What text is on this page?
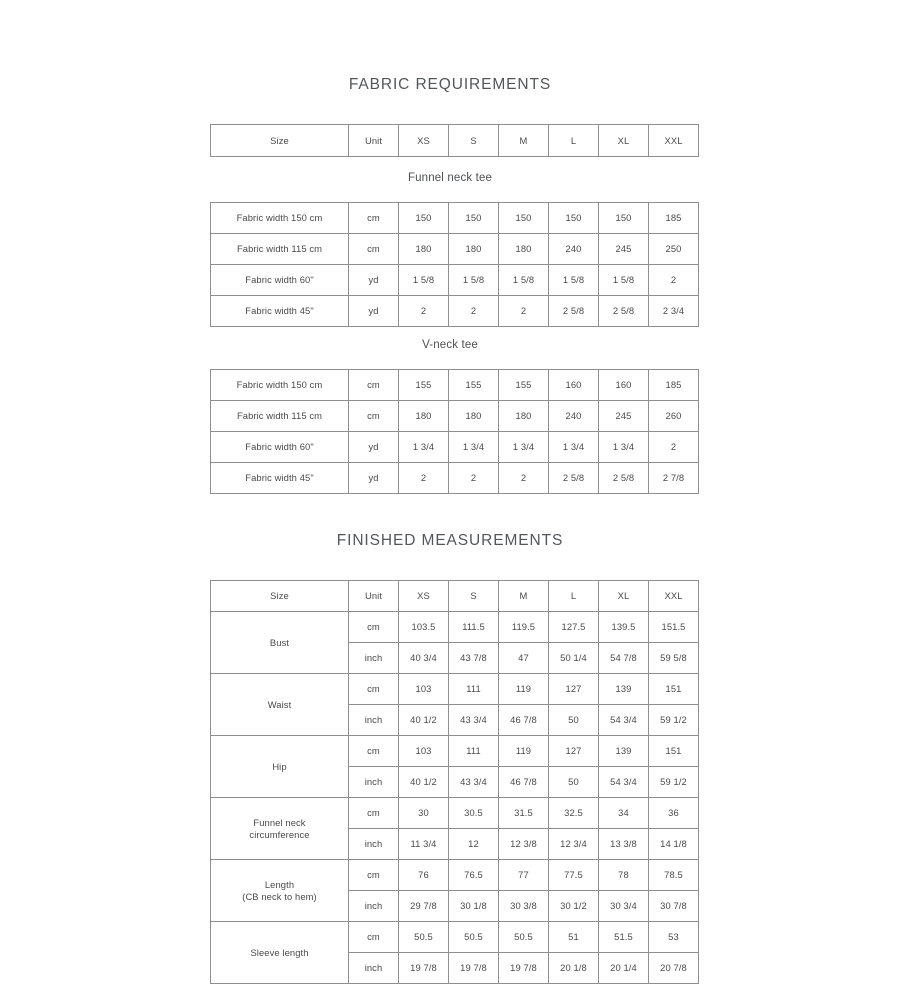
FABRIC REQUIREMENTS
Size	Unit	XS	S	M	L	XL	XXL
Funnel neck tee
Fabric width 150 cm	cm	150	150	150	150	150	185
Fabric width 115 cm	cm	180	180	180	240	245	250
Fabric width 60"	yd	1 5/8	1 5/8	1 5/8	1 5/8	1 5/8	2
Fabric width 45"	yd	2	2	2	2 5/8	2 5/8	2 3/4
V-neck tee
Fabric width 150 cm	cm	155	155	155	160	160	185
Fabric width 115 cm	cm	180	180	180	240	245	260
Fabric width 60"	yd	1 3/4	1 3/4	1 3/4	1 3/4	1 3/4	2
Fabric width 45"	yd	2	2	2	2 5/8	2 5/8	2 7/8
FINISHED MEASUREMENTS
Size	Unit	XS	S	M	L	XL	XXL
Bust	cm	103.5	111.5	119.5	127.5	139.5	151.5
	inch	40 3/4	43 7/8	47	50 1/4	54 7/8	59 5/8
Waist	cm	103	111	119	127	139	151
	inch	40 1/2	43 3/4	46 7/8	50	54 3/4	59 1/2
Hip	cm	103	111	119	127	139	151
	inch	40 1/2	43 3/4	46 7/8	50	54 3/4	59 1/2
Funnel neck
circumference	cm	30	30.5	31.5	32.5	34	36
	inch	11 3/4	12	12 3/8	12 3/4	13 3/8	14 1/8
Length
(CB neck to hem)	cm	76	76.5	77	77.5	78	78.5
	inch	29 7/8	30 1/8	30 3/8	30 1/2	30 3/4	30 7/8
Sleeve length	cm	50.5	50.5	50.5	51	51.5	53
	inch	19 7/8	19 7/8	19 7/8	20 1/8	20 1/4	20 7/8
